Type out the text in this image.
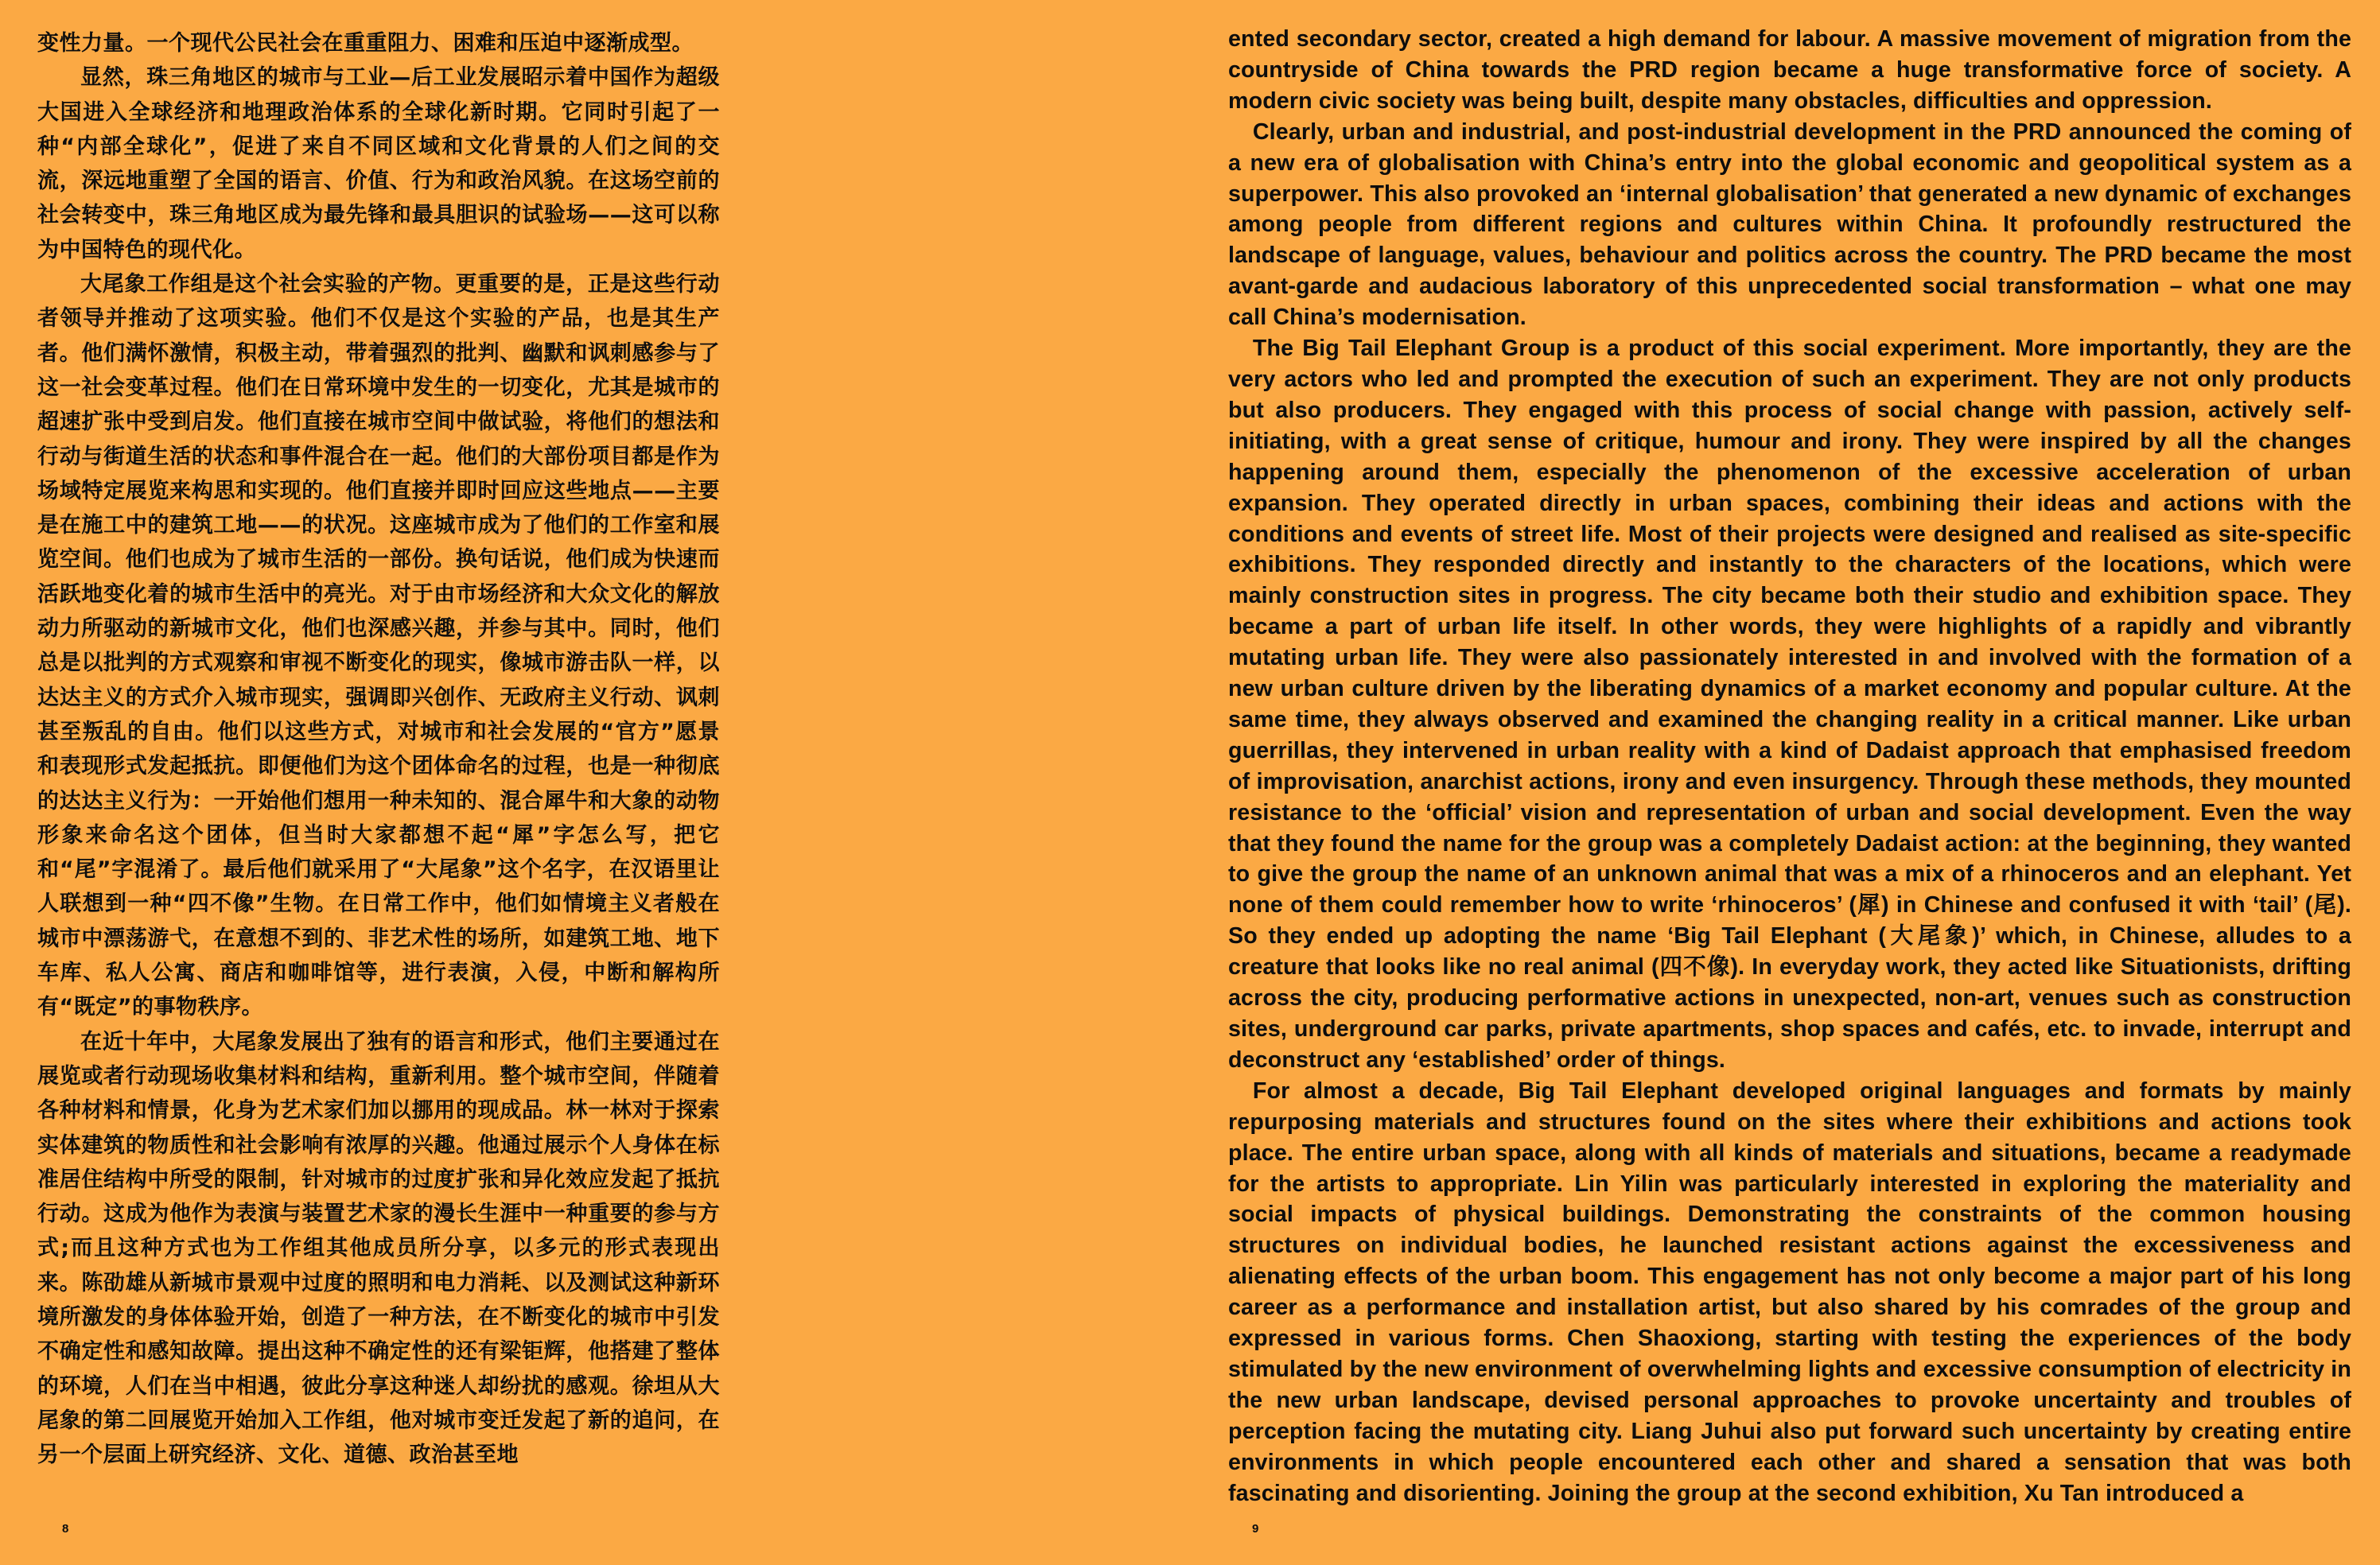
变性力量。一个现代公民社会在重重阻力、困难和压迫中逐渐成型。

显然，珠三角地区的城市与工业—后工业发展昭示着中国作为超级大国进入全球经济和地理政治体系的全球化新时期。它同时引起了一种“内部全球化”，促进了来自不同区域和文化背景的人们之间的交流，深远地重塑了全国的语言、价值、行为和政治风貌。在这场空前的社会转变中，珠三角地区成为最先锋和最具胆识的试验场——这可以称为中国特色的现代化。

大尾象工作组是这个社会实验的产物。更重要的是，正是这些行动者领导并推动了这项实验。他们不仅是这个实验的产品，也是其生产者。他们满怀激情，积极主动，带着强烈的批判、幽默和讽刺感参与了这一社会变革过程。他们在日常环境中发生的一切变化，尤其是城市的超速扩张中受到启发。他们直接在城市空间中做试验，将他们的想法和行动与街道生活的状态和事件混合在一起。他们的大部份项目都是作为场域特定展览来构思和实现的。他们直接并即时回应这些地点——主要是在施工中的建筑工地——的状况。这座城市成为了他们的工作室和展览空间。他们也成为了城市生活的一部份。换句话说，他们成为快速而活跃地变化着的城市生活中的亮光。对于由市场经济和大众文化的解放动力所驱动的新城市文化，他们也深感兴趣，并参与其中。同时，他们总是以批判的方式观察和审视不断变化的现实，像城市游击队一样，以达达主义的方式介入城市现实，强调即兴创作、无政府主义行动、讽刺甚至叛乱的自由。他们以这些方式，对城市和社会发展的“官方”愿景和表现形式发起抵抗。即便他们为这个团体命名的过程，也是一种彻底的达达主义行为：一开始他们想用一种未知的、混合犀牛和大象的动物形象来命名这个团体，但当时大家都想不起“犀”字怎么写，把它和“尾”字混淆了。最后他们就采用了“大尾象”这个名字，在汉语里让人联想到一种“四不像”生物。在日常工作中，他们如情境主义者般在城市中漂荡游弋，在意想不到的、非艺术性的场所，如建筑工地、地下车库、私人公寓、商店和咖啡馆等，进行表演，入侵，中断和解构所有“既定”的事物秩序。

在近十年中，大尾象发展出了独有的语言和形式，他们主要通过在展览或者行动现场收集材料和结构，重新利用。整个城市空间，伴随着各种材料和情景，化身为艺术家们加以挪用的现成品。林一林对于探索实体建筑的物质性和社会影响有浓厚的兴趣。他通过展示个人身体在标准居住结构中所受的限制，针对城市的过度扩张和异化效应发起了抵抗行动。这成为他作为表演与装置艺术家的漫长生涯中一种重要的参与方式;而且这种方式也为工作组其他成员所分享，以多元的形式表现出来。陈劭雄从新城市景观中过度的照明和电力消耗、以及测试这种新环境所激发的身体体验开始，创造了一种方法，在不断变化的城市中引发不确定性和感知故障。提出这种不确定性的还有梁钜辉，他搭建了整体的环境，人们在当中相遇，彼此分享这种迷人却纷扰的感观。徐坦从大尾象的第二回展览开始加入工作组，他对城市变迁发起了新的追问，在另一个层面上研究经济、文化、道德、政治甚至地

8

ented secondary sector, created a high demand for labour. A massive movement of migration from the countryside of China towards the PRD region became a huge transformative force of society. A modern civic society was being built, despite many obstacles, difficulties and oppression.

Clearly, urban and industrial, and post-industrial development in the PRD announced the coming of a new era of globalisation with China’s entry into the global economic and geopolitical system as a superpower. This also provoked an ‘internal globalisation’ that generated a new dynamic of exchanges among people from different regions and cultures within China. It profoundly restructured the landscape of language, values, behaviour and politics across the country. The PRD became the most avant-garde and audacious laboratory of this unprecedented social transformation – what one may call China’s modernisation.

The Big Tail Elephant Group is a product of this social experiment. More importantly, they are the very actors who led and prompted the execution of such an experiment. They are not only products but also producers. They engaged with this process of social change with passion, actively self-initiating, with a great sense of critique, humour and irony. They were inspired by all the changes happening around them, especially the phenomenon of the excessive acceleration of urban expansion. They operated directly in urban spaces, combining their ideas and actions with the conditions and events of street life. Most of their projects were designed and realised as site-specific exhibitions. They responded directly and instantly to the characters of the locations, which were mainly construction sites in progress. The city became both their studio and exhibition space. They became a part of urban life itself. In other words, they were highlights of a rapidly and vibrantly mutating urban life. They were also passionately interested in and involved with the formation of a new urban culture driven by the liberating dynamics of a market economy and popular culture. At the same time, they always observed and examined the changing reality in a critical manner. Like urban guerrillas, they intervened in urban reality with a kind of Dadaist approach that emphasised freedom of improvisation, anarchist actions, irony and even insurgency. Through these methods, they mounted resistance to the ‘official’ vision and representation of urban and social development. Even the way that they found the name for the group was a completely Dadaist action: at the beginning, they wanted to give the group the name of an unknown animal that was a mix of a rhinoceros and an elephant. Yet none of them could remember how to write ‘rhinoceros’ (犀) in Chinese and confused it with ‘tail’ (尾). So they ended up adopting the name ‘Big Tail Elephant (大尾象)’ which, in Chinese, alludes to a creature that looks like no real animal (四不像). In everyday work, they acted like Situationists, drifting across the city, producing performative actions in unexpected, non-art, venues such as construction sites, underground car parks, private apartments, shop spaces and cafés, etc. to invade, interrupt and deconstruct any ‘established’ order of things.

For almost a decade, Big Tail Elephant developed original languages and formats by mainly repurposing materials and structures found on the sites where their exhibitions and actions took place. The entire urban space, along with all kinds of materials and situations, became a readymade for the artists to appropriate. Lin Yilin was particularly interested in exploring the materiality and social impacts of physical buildings. Demonstrating the constraints of the common housing structures on individual bodies, he launched resistant actions against the excessiveness and alienating effects of the urban boom. This engagement has not only become a major part of his long career as a performance and installation artist, but also shared by his comrades of the group and expressed in various forms. Chen Shaoxiong, starting with testing the experiences of the body stimulated by the new environment of overwhelming lights and excessive consumption of electricity in the new urban landscape, devised personal approaches to provoke uncertainty and troubles of perception facing the mutating city. Liang Juhui also put forward such uncertainty by creating entire environments in which people encountered each other and shared a sensation that was both fascinating and disorienting. Joining the group at the second exhibition, Xu Tan introduced a

9
